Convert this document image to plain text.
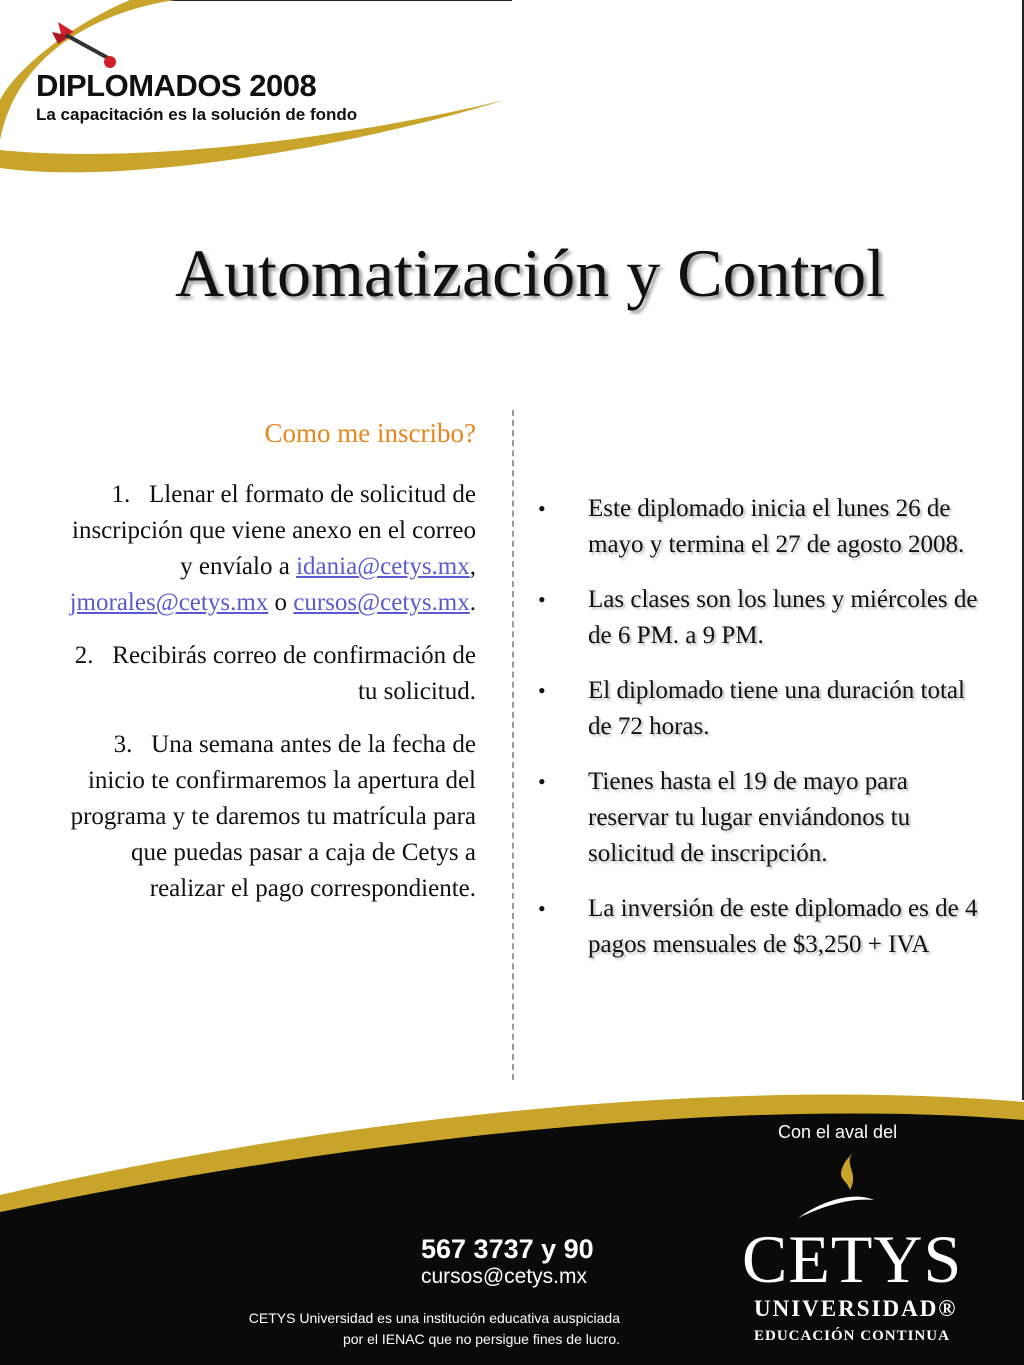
DIPLOMADOS 2008
La capacitación es la solución de fondo
Automatización y Control
Como me inscribo?
1. Llenar el formato de solicitud de inscripción que viene anexo en el correo y envíalo a idania@cetys.mx, jmorales@cetys.mx o cursos@cetys.mx.
2. Recibirás correo de confirmación de tu solicitud.
3. Una semana antes de la fecha de inicio te confirmaremos la apertura del programa y te daremos tu matrícula para que puedas pasar a caja de Cetys a realizar el pago correspondiente.
•	Este diplomado inicia el lunes 26 de mayo y termina el 27 de agosto 2008.
•	Las clases son los lunes y miércoles de de 6 PM. a 9 PM.
•	El diplomado tiene una duración total de 72 horas.
•	Tienes hasta el 19 de mayo para reservar tu lugar enviándonos tu solicitud de inscripción.
•	La inversión de este diplomado es de 4 pagos mensuales de $3,250 + IVA
Con el aval del
CETYS
UNIVERSIDAD®
EDUCACIÓN CONTINUA
567 3737 y 90
cursos@cetys.mx
CETYS Universidad es una institución educativa auspiciada por el IENAC que no persigue fines de lucro.
